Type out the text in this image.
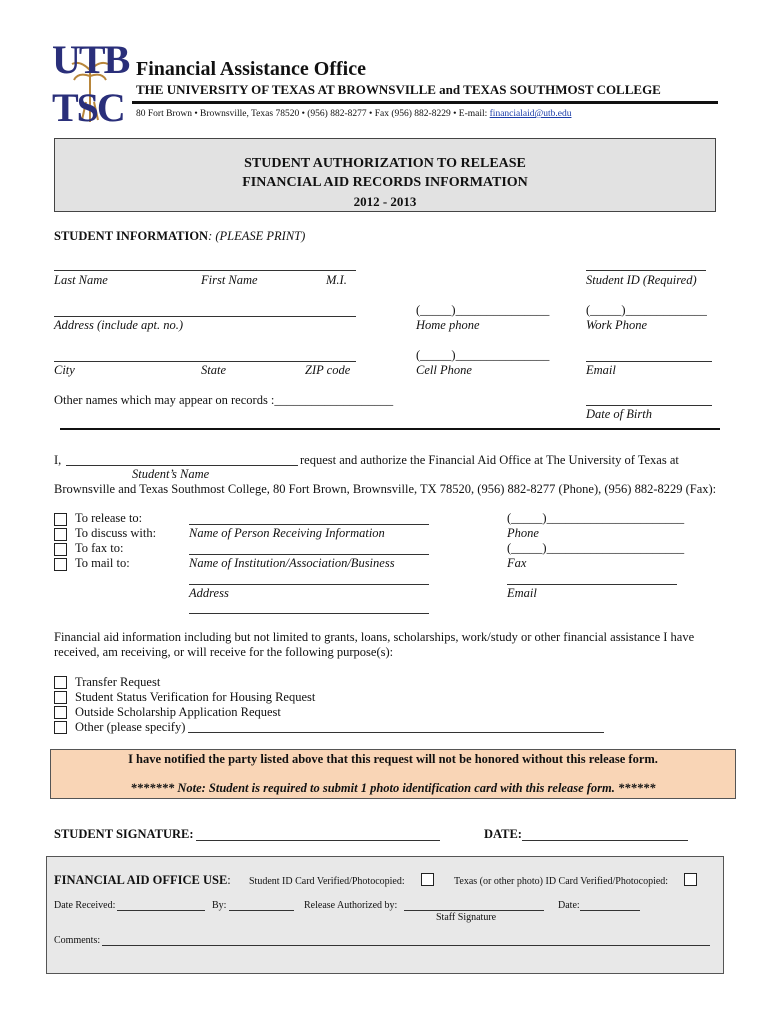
UTB
TSC
Financial Assistance Office
THE UNIVERSITY OF TEXAS AT BROWNSVILLE and TEXAS SOUTHMOST COLLEGE
80 Fort Brown • Brownsville, Texas 78520 • (956) 882-8277 • Fax (956) 882-8229 • E-mail: financialaid@utb.edu
STUDENT AUTHORIZATION TO RELEASE
FINANCIAL AID RECORDS INFORMATION
2012 - 2013
STUDENT INFORMATION: (PLEASE PRINT)
Last Name	First Name	M.I.	Student ID (Required)
(_____)_______________	(_____)_____________
Address (include apt. no.)	Home phone	Work Phone
(_____)_______________
City	State	ZIP code	Cell Phone	Email
Other names which may appear on records :___________________
Date of Birth
I,	request and authorize the Financial Aid Office at The University of Texas at
Student’s Name
Brownsville and Texas Southmost College, 80 Fort Brown, Brownsville, TX 78520, (956) 882-8277 (Phone), (956) 882-8229 (Fax):
To release to:
To discuss with:
To fax to:
To mail to:
Name of Person Receiving Information
Name of Institution/Association/Business
Address
(_____)______________________
Phone
(_____)______________________
Fax
Email
Financial aid information including but not limited to grants, loans, scholarships, work/study or other financial assistance I have received, am receiving, or will receive for the following purpose(s):
Transfer Request
Student Status Verification for Housing Request
Outside Scholarship Application Request
Other (please specify)
I have notified the party listed above that this request will not be honored without this release form.
******* Note: Student is required to submit 1 photo identification card with this release form. ******
STUDENT SIGNATURE:	DATE:
FINANCIAL AID OFFICE USE: Student ID Card Verified/Photocopied:	Texas (or other photo) ID Card Verified/Photocopied:
Date Received:	By:	Release Authorized by:	Date:
Staff Signature
Comments:
